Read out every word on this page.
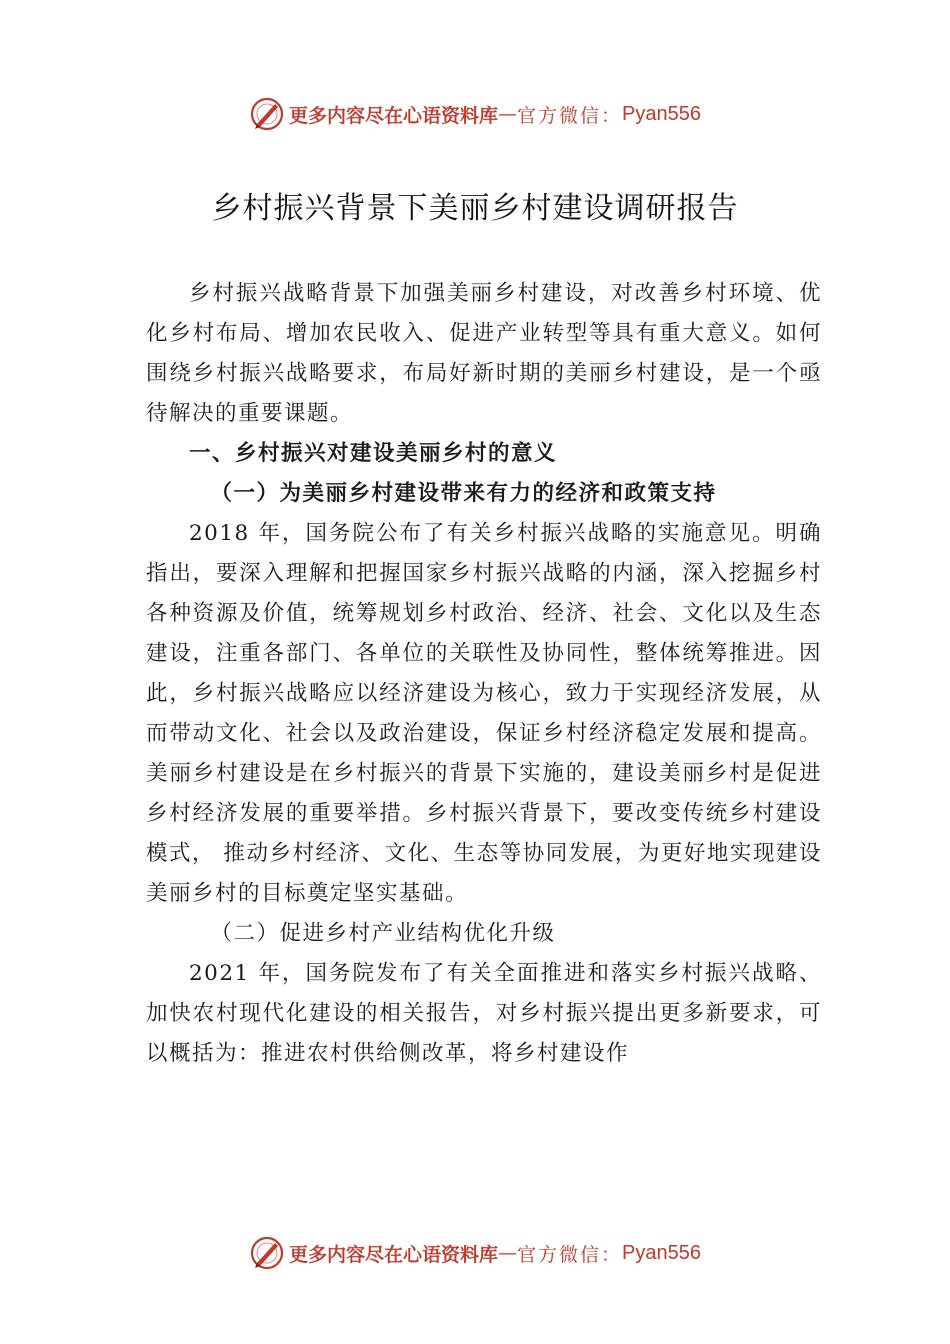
更多内容尽在心语资料库 — 官方微信： Pyan556
乡村振兴背景下美丽乡村建设调研报告

乡村振兴战略背景下加强美丽乡村建设，对改善乡村环境、优化乡村布局、增加农民收入、促进产业转型等具有重大意义。如何围绕乡村振兴战略要求，布局好新时期的美丽乡村建设，是一个亟待解决的重要课题。

一、乡村振兴对建设美丽乡村的意义

（一）为美丽乡村建设带来有力的经济和政策支持

2018 年，国务院公布了有关乡村振兴战略的实施意见。明确指出，要深入理解和把握国家乡村振兴战略的内涵，深入挖掘乡村各种资源及价值，统筹规划乡村政治、经济、社会、文化以及生态建设，注重各部门、各单位的关联性及协同性，整体统筹推进。因此，乡村振兴战略应以经济建设为核心，致力于实现经济发展，从而带动文化、社会以及政治建设，保证乡村经济稳定发展和提高。美丽乡村建设是在乡村振兴的背景下实施的，建设美丽乡村是促进乡村经济发展的重要举措。乡村振兴背景下，要改变传统乡村建设模式， 推动乡村经济、文化、生态等协同发展，为更好地实现建设美丽乡村的目标奠定坚实基础。

（二）促进乡村产业结构优化升级

2021 年，国务院发布了有关全面推进和落实乡村振兴战略、加快农村现代化建设的相关报告，对乡村振兴提出更多新要求，可以概括为：推进农村供给侧改革，将乡村建设作

更多内容尽在心语资料库 — 官方微信： Pyan556
